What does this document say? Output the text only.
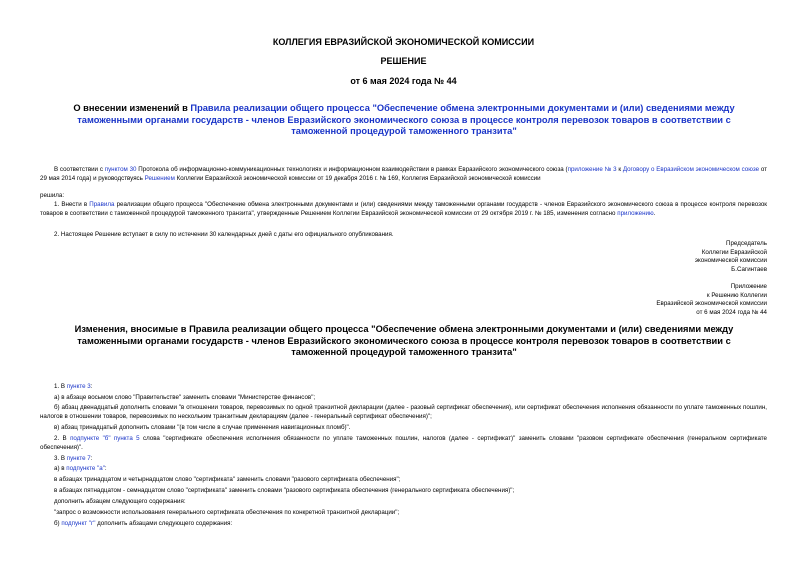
КОЛЛЕГИЯ ЕВРАЗИЙСКОЙ ЭКОНОМИЧЕСКОЙ КОМИССИИ
РЕШЕНИЕ
от 6 мая 2024 года № 44
О внесении изменений в Правила реализации общего процесса "Обеспечение обмена электронными документами и (или) сведениями между таможенными органами государств - членов Евразийского экономического союза в процессе контроля перевозок товаров в соответствии с таможенной процедурой таможенного транзита"
В соответствии с пунктом 30 Протокола об информационно-коммуникационных технологиях и информационном взаимодействии в рамках Евразийского экономического союза (приложение № 3 к Договору о Евразийском экономическом союзе от 29 мая 2014 года) и руководствуясь Решением Коллегии Евразийской экономической комиссии от 19 декабря 2016 г. № 169, Коллегия Евразийской экономической комиссии
решила:
1. Внести в Правила реализации общего процесса "Обеспечение обмена электронными документами и (или) сведениями между таможенными органами государств - членов Евразийского экономического союза в процессе контроля перевозок товаров в соответствии с таможенной процедурой таможенного транзита", утвержденные Решением Коллегии Евразийской экономической комиссии от 29 октября 2019 г. № 185, изменения согласно приложению.
2. Настоящее Решение вступает в силу по истечении 30 календарных дней с даты его официального опубликования.
Председатель
Коллегии Евразийской
экономической комиссии
Б.Сагинтаев
Приложение
к Решению Коллегии
Евразийской экономической комиссии
от 6 мая 2024 года № 44
Изменения, вносимые в Правила реализации общего процесса "Обеспечение обмена электронными документами и (или) сведениями между таможенными органами государств - членов Евразийского экономического союза в процессе контроля перевозок товаров в соответствии с таможенной процедурой таможенного транзита"
1. В пункте 3:
а) в абзаце восьмом слово "Правительстве" заменить словами "Министерстве финансов";
б) абзац двенадцатый дополнить словами "в отношении товаров, перевозимых по одной транзитной декларации (далее - разовый сертификат обеспечения), или сертификат обеспечения исполнения обязанности по уплате таможенных пошлин, налогов в отношении товаров, перевозимых по нескольким транзитным декларациям (далее - генеральный сертификат обеспечения)";
в) абзац тринадцатый дополнить словами "(в том числе в случае применения навигационных пломб)".
2. В подпункте "б" пункта 5 слова "сертификате обеспечения исполнения обязанности по уплате таможенных пошлин, налогов (далее - сертификат)" заменить словами "разовом сертификате обеспечения (генеральном сертификате обеспечения)".
3. В пункте 7:
а) в подпункте "а":
в абзацах тринадцатом и четырнадцатом слово "сертификата" заменить словами "разового сертификата обеспечения";
в абзацах пятнадцатом - семнадцатом слово "сертификата" заменить словами "разового сертификата обеспечения (генерального сертификата обеспечения)";
дополнить абзацем следующего содержания:
"запрос о возможности использования генерального сертификата обеспечения по конкретной транзитной декларации";
б) подпункт "г" дополнить абзацами следующего содержания:
